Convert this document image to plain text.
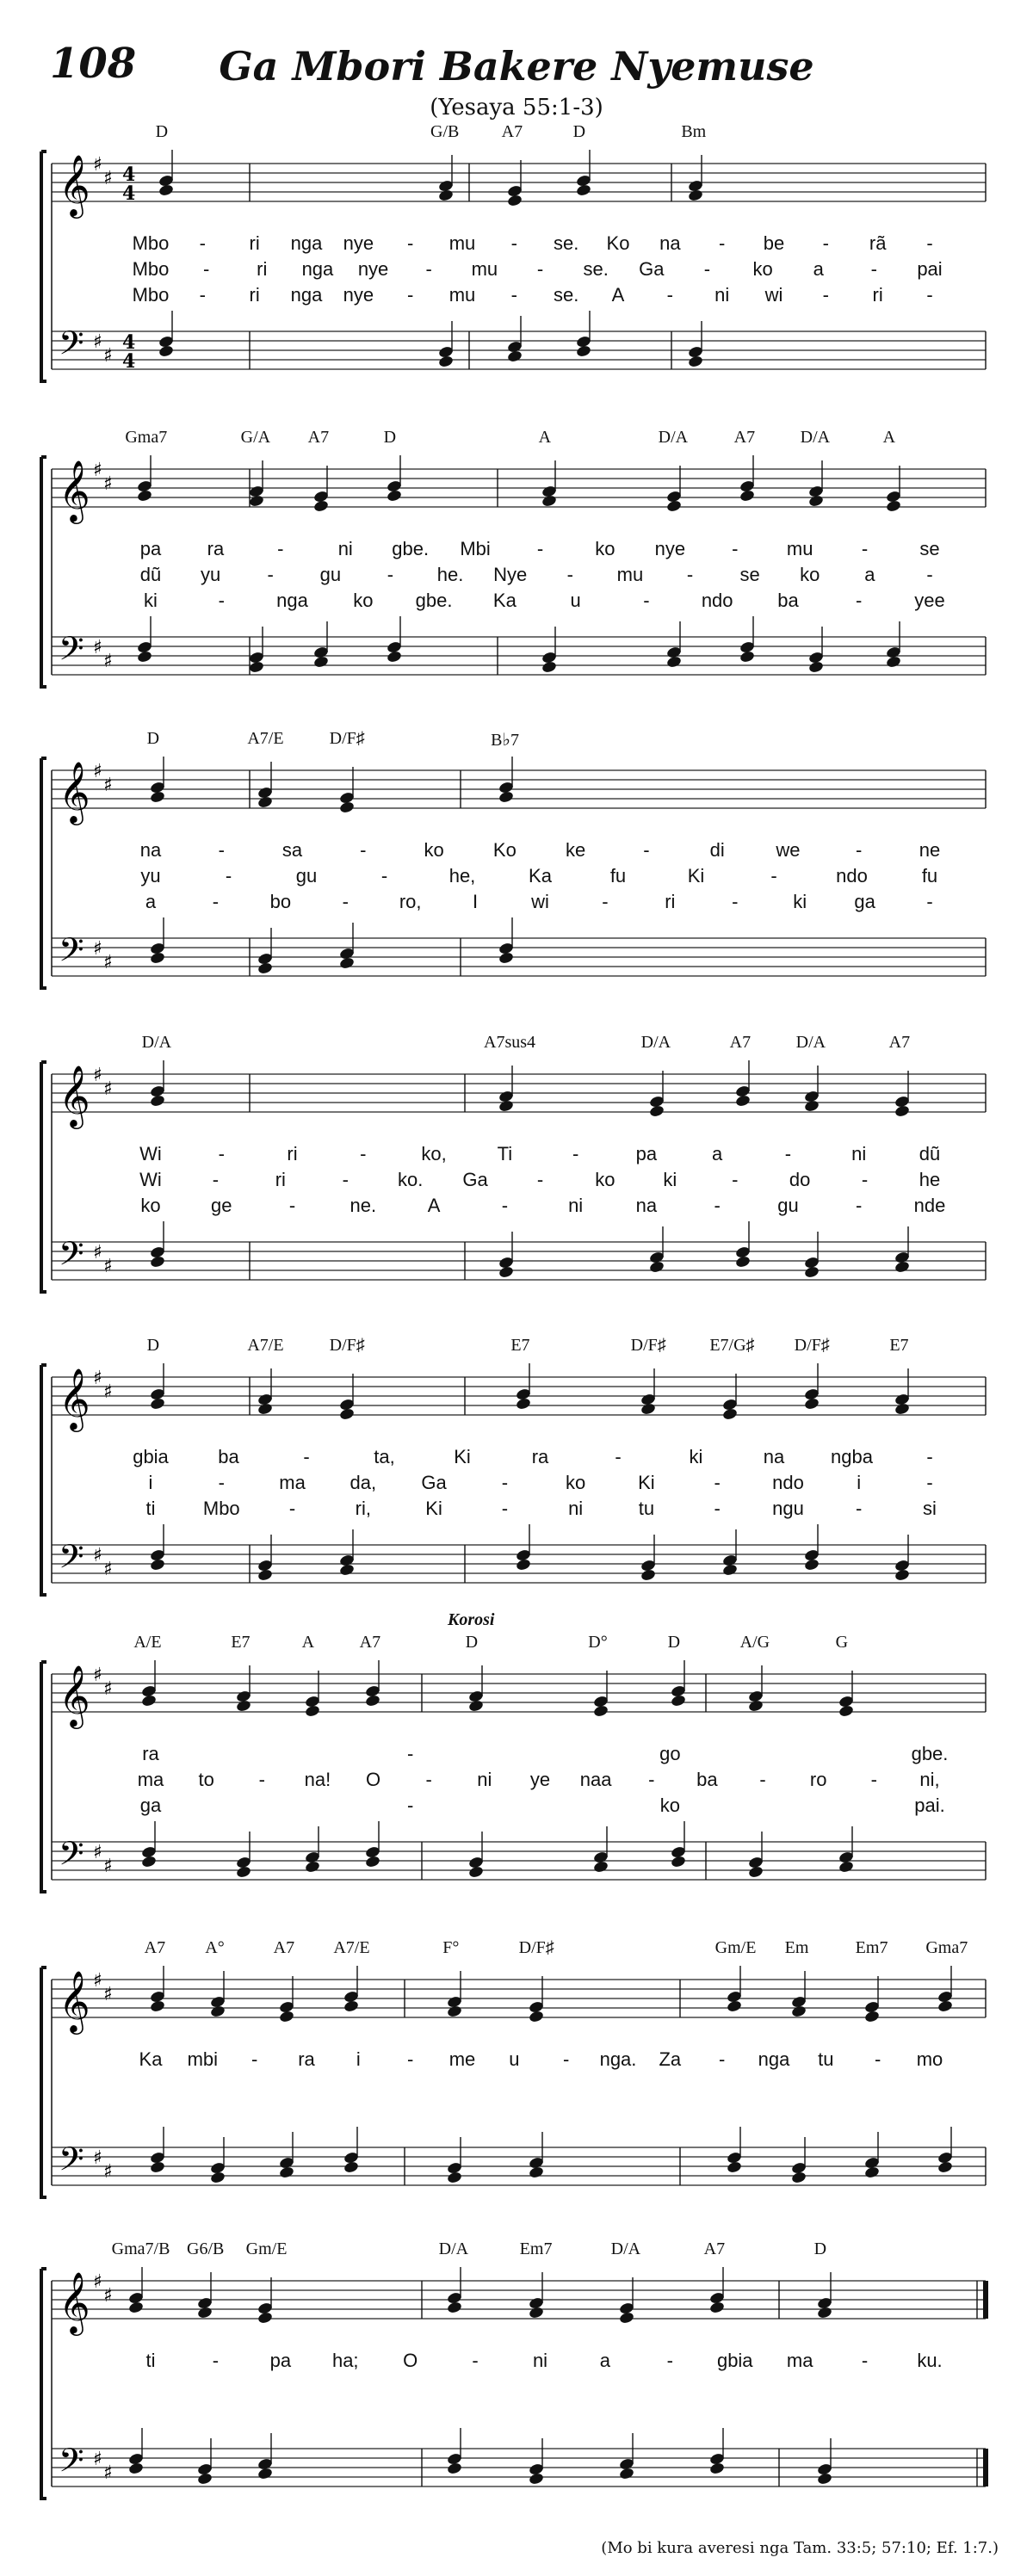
108	Ga Mbori Bakere Nyemuse
(Yesaya 55:1-3)
𝄞 ♯
♯ 4
4
𝄢 ♯
♯
4
4
D	G/B A7	D	Bm
Mbo - ri nga nye - mu - se. Ko na - be - rã -
Mbo - ri nga nye - mu - se. Ga - ko a - pai
Mbo - ri nga nye - mu - se. A - ni wi - ri -
𝄞 ♯
♯
𝄢 ♯
♯
Gma7	G/A A7	D	A	D/A	A7	D/A	A
pa ra	-	ni gbe. Mbi -	ko nye -	mu	-	se
dũ yu - gu - he. Nye - mu - se ko a	-
ki	-	nga ko gbe. Ka	u	-	ndo ba	-	yee
𝄞 ♯
♯
𝄢 ♯
♯
D	A7/E	D/F♯	B♭7
na	-	sa	-	ko	Ko	ke	-	di	we	-	ne
yu	-	gu	-	he,	Ka	fu	Ki	-	ndo	fu
a	-	bo	-	ro,	I	wi	-	ri	-	ki	ga	-
𝄞 ♯
♯
𝄢 ♯
♯
D/A	A7sus4	D/A	A7	D/A	A7
Wi	-	ri	-	ko,	Ti	-	pa	a	-	ni	dũ
Wi	-	ri	-	ko. Ga	-	ko	ki	-	do	-	he
ko	ge	-	ne.	A	-	ni	na	-	gu	-	nde
𝄞 ♯
♯
𝄢 ♯
♯
D	A7/E	D/F♯	E7	D/F♯	E7/G♯ D/F♯	E7
gbia	ba	-	ta,	Ki	ra	-	ki	na ngba	-
i	-	ma da, Ga	-	ko	Ki	-	ndo	i	-
ti	Mbo	-	ri,	Ki	-	ni	tu	-	ngu	-	si
𝄞 ♯
♯
𝄢 ♯
♯
A/E	E7	A	A7	D	D°	D	A/G	G
Korosi
ra	-	go	gbe.
ma to - na! O - ni ye naa - ba - ro - ni,
ga	-	ko	pai.
𝄞 ♯
♯
𝄢 ♯
♯
A7 A°	A7 A7/E	F°	D/F♯	Gm/E Em	Em7 Gma7
Ka mbi - ra i - me u - nga. Za - nga tu - mo
𝄞 ♯
♯
𝄢 ♯
♯
Gma7/B G6/B Gm/E	D/A	Em7	D/A	A7	D
ti	-	pa ha; O	-	ni	a	- gbia ma	-	ku.
(Mo bi kura averesi nga Tam. 33:5; 57:10; Ef. 1:7.)
